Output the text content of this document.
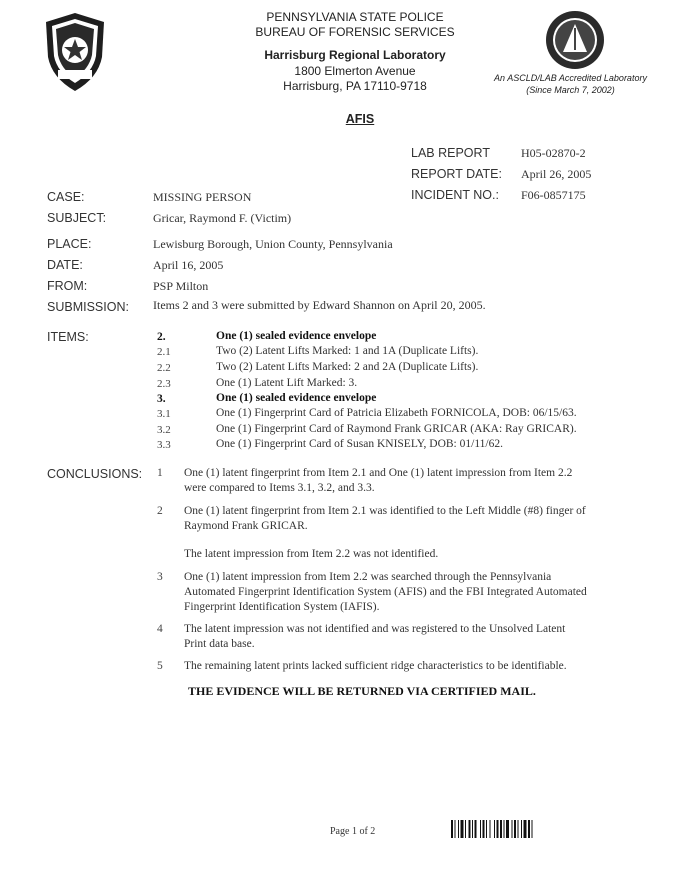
PENNSYLVANIA STATE POLICE
BUREAU OF FORENSIC SERVICES
Harrisburg Regional Laboratory
1800 Elmerton Avenue
Harrisburg, PA 17110-9718
An ASCLD/LAB Accredited Laboratory
(Since March 7, 2002)
AFIS
LAB REPORT	H05-02870-2
REPORT DATE: April 26, 2005
INCIDENT NO.: F06-0857175
CASE:	MISSING PERSON
SUBJECT:	Gricar, Raymond F. (Victim)
PLACE:	Lewisburg Borough, Union County, Pennsylvania
DATE:	April 16, 2005
FROM:	PSP Milton
SUBMISSION: Items 2 and 3 were submitted by Edward Shannon on April 20, 2005.
ITEMS:	2.	One (1) sealed evidence envelope
2.1	Two (2) Latent Lifts Marked: 1 and 1A (Duplicate Lifts).
2.2	Two (2) Latent Lifts Marked: 2 and 2A (Duplicate Lifts).
2.3	One (1) Latent Lift Marked: 3.
3.	One (1) sealed evidence envelope
3.1	One (1) Fingerprint Card of Patricia Elizabeth FORNICOLA, DOB: 06/15/63.
3.2	One (1) Fingerprint Card of Raymond Frank GRICAR (AKA: Ray GRICAR).
3.3	One (1) Fingerprint Card of Susan KNISELY, DOB: 01/11/62.
CONCLUSIONS: 1 One (1) latent fingerprint from Item 2.1 and One (1) latent impression from Item 2.2
were compared to Items 3.1, 3.2, and 3.3.
2 One (1) latent fingerprint from Item 2.1 was identified to the Left Middle (#8) finger of
Raymond Frank GRICAR.
The latent impression from Item 2.2 was not identified.
3 One (1) latent impression from Item 2.2 was searched through the Pennsylvania
Automated Fingerprint Identification System (AFIS) and the FBI Integrated Automated
Fingerprint Identification System (IAFIS).
4 The latent impression was not identified and was registered to the Unsolved Latent
Print data base.
5 The remaining latent prints lacked sufficient ridge characteristics to be identifiable.
THE EVIDENCE WILL BE RETURNED VIA CERTIFIED MAIL.
Page 1 of 2
